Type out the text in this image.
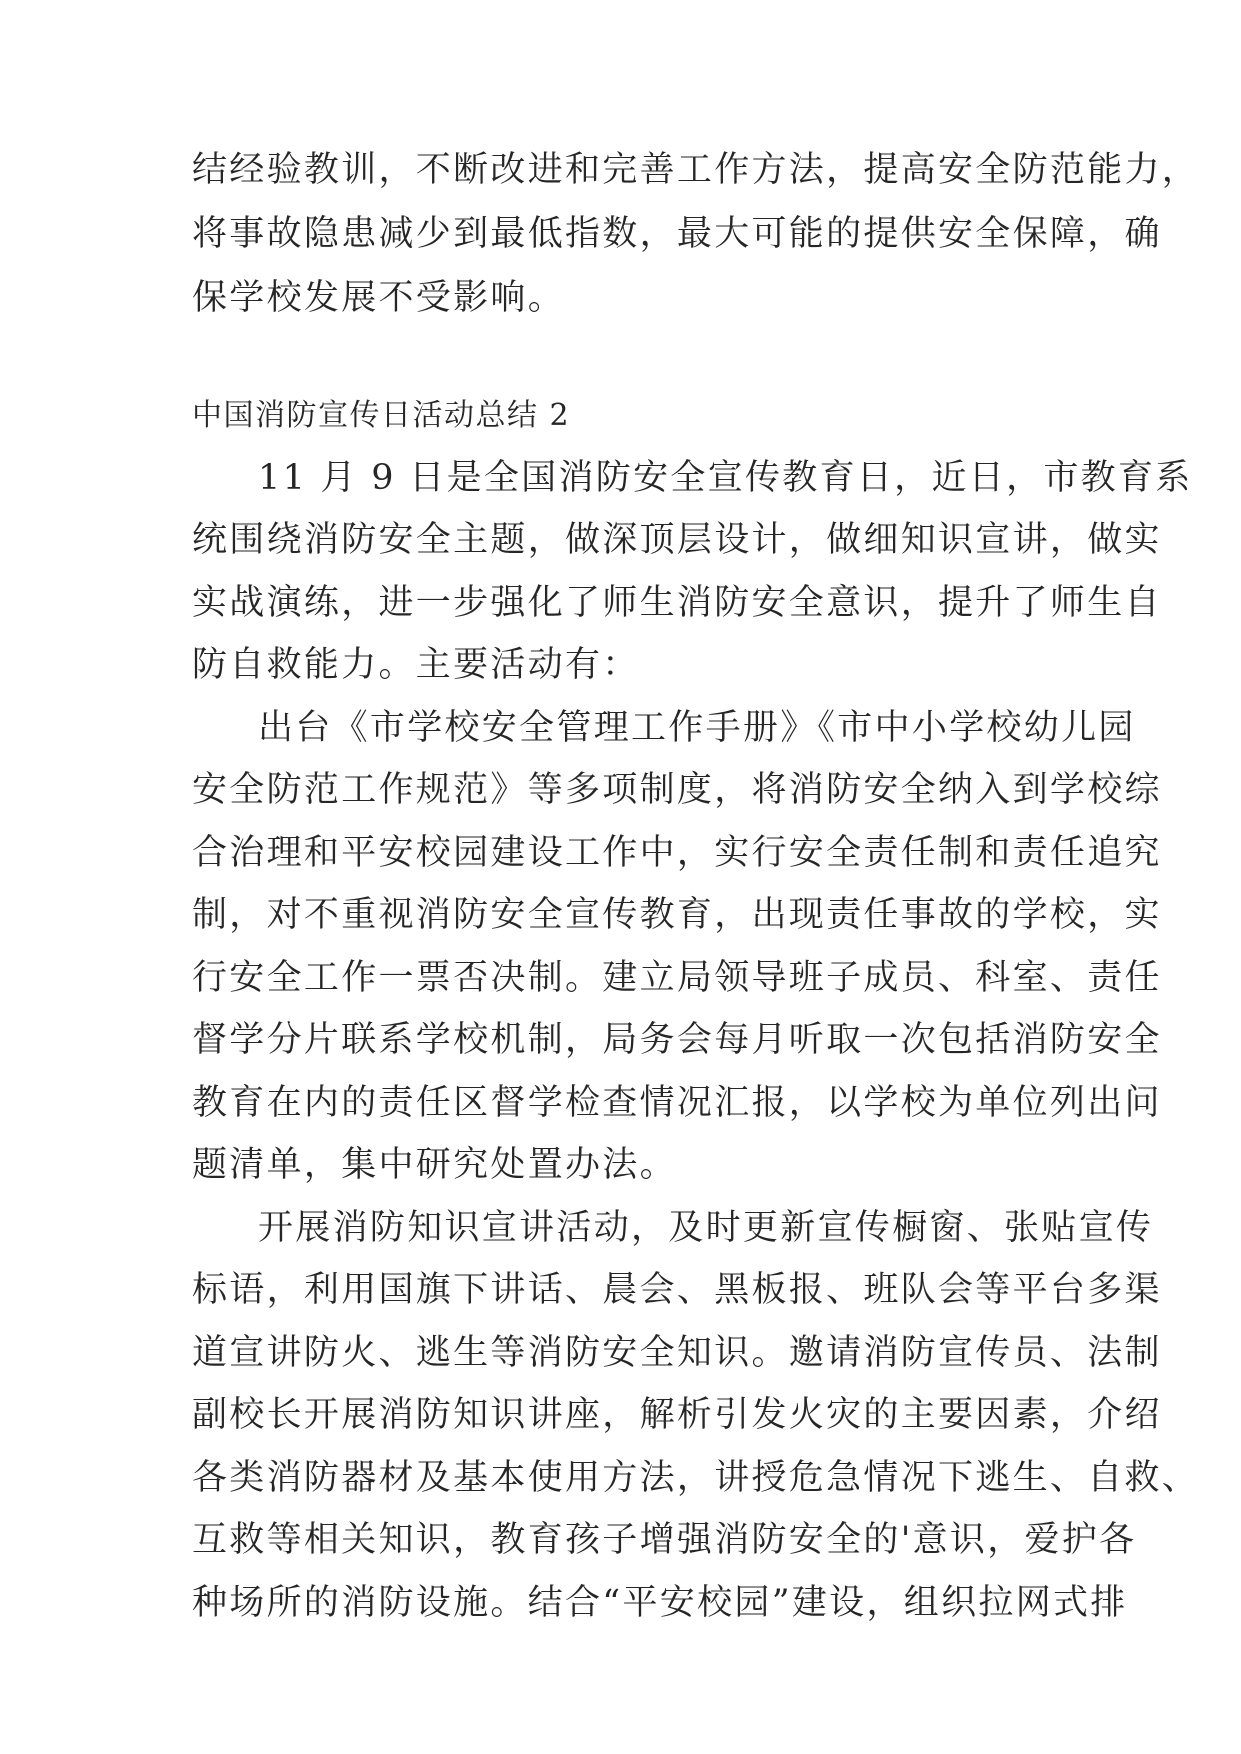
结经验教训，不断改进和完善工作方法，提高安全防范能力，
将事故隐患减少到最低指数，最大可能的提供安全保障，确
保学校发展不受影响。
中国消防宣传日活动总结 2
11 月 9 日是全国消防安全宣传教育日，近日，市教育系
统围绕消防安全主题，做深顶层设计，做细知识宣讲，做实
实战演练，进一步强化了师生消防安全意识，提升了师生自
防自救能力。主要活动有：
出台《市学校安全管理工作手册》《市中小学校幼儿园
安全防范工作规范》等多项制度，将消防安全纳入到学校综
合治理和平安校园建设工作中，实行安全责任制和责任追究
制，对不重视消防安全宣传教育，出现责任事故的学校，实
行安全工作一票否决制。建立局领导班子成员、科室、责任
督学分片联系学校机制，局务会每月听取一次包括消防安全
教育在内的责任区督学检查情况汇报，以学校为单位列出问
题清单，集中研究处置办法。
开展消防知识宣讲活动，及时更新宣传橱窗、张贴宣传
标语，利用国旗下讲话、晨会、黑板报、班队会等平台多渠
道宣讲防火、逃生等消防安全知识。邀请消防宣传员、法制
副校长开展消防知识讲座，解析引发火灾的主要因素，介绍
各类消防器材及基本使用方法，讲授危急情况下逃生、自救、
互救等相关知识，教育孩子增强消防安全的'意识，爱护各
种场所的消防设施。结合“平安校园”建设，组织拉网式排
